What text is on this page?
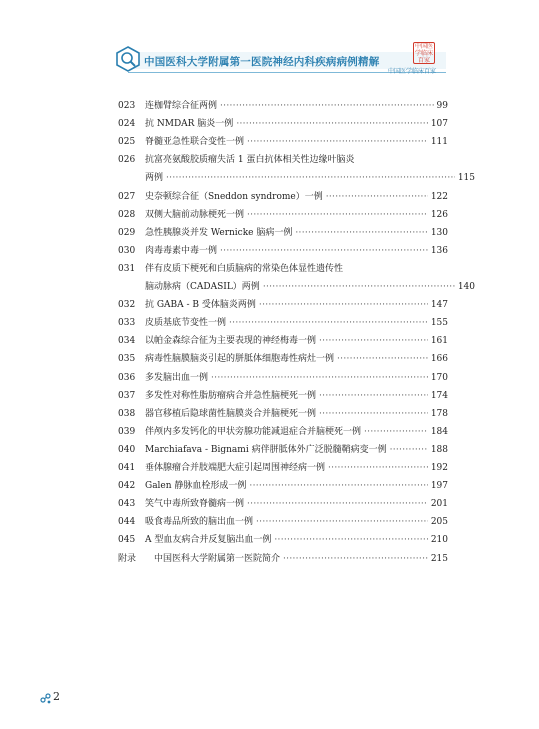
中国医科大学附属第一医院神经内科疾病病例精解
中国医学临床百家
中国医学临床百家
023	连枷臂综合征两例 ·····	99
024	抗 NMDAR 脑炎一例 ·····	107
025	脊髓亚急性联合变性一例 ·····	111
026	抗富亮氨酸胶质瘤失活 1 蛋白抗体相关性边缘叶脑炎
两例 ·····	115
027	史奈顿综合征（Sneddon syndrome）一例 ·····	122
028	双侧大脑前动脉梗死一例 ·····	126
029	急性胰腺炎并发 Wernicke 脑病一例 ·····	130
030	肉毒毒素中毒一例 ·····	136
031	伴有皮质下梗死和白质脑病的常染色体显性遗传性
脑动脉病（CADASIL）两例 ·····	140
032	抗 GABA - B 受体脑炎两例 ·····	147
033	皮质基底节变性一例 ·····	155
034	以帕金森综合征为主要表现的神经梅毒一例 ·····	161
035	病毒性脑膜脑炎引起的胼胝体细胞毒性病灶一例 ·····	166
036	多发脑出血一例 ·····	170
037	多发性对称性脂肪瘤病合并急性脑梗死一例 ·····	174
038	器官移植后隐球菌性脑膜炎合并脑梗死一例 ·····	178
039	伴颅内多发钙化的甲状旁腺功能减退症合并脑梗死一例 ·····	184
040	Marchiafava - Bignami 病伴胼胝体外广泛脱髓鞘病变一例 ·····	188
041	垂体腺瘤合并肢端肥大症引起周围神经病一例 ·····	192
042	Galen 静脉血栓形成一例 ·····	197
043	笑气中毒所致脊髓病一例 ·····	201
044	吸食毒品所致的脑出血一例 ·····	205
045	A 型血友病合并反复脑出血一例 ·····	210
附录	中国医科大学附属第一医院简介 ·····	215
2
